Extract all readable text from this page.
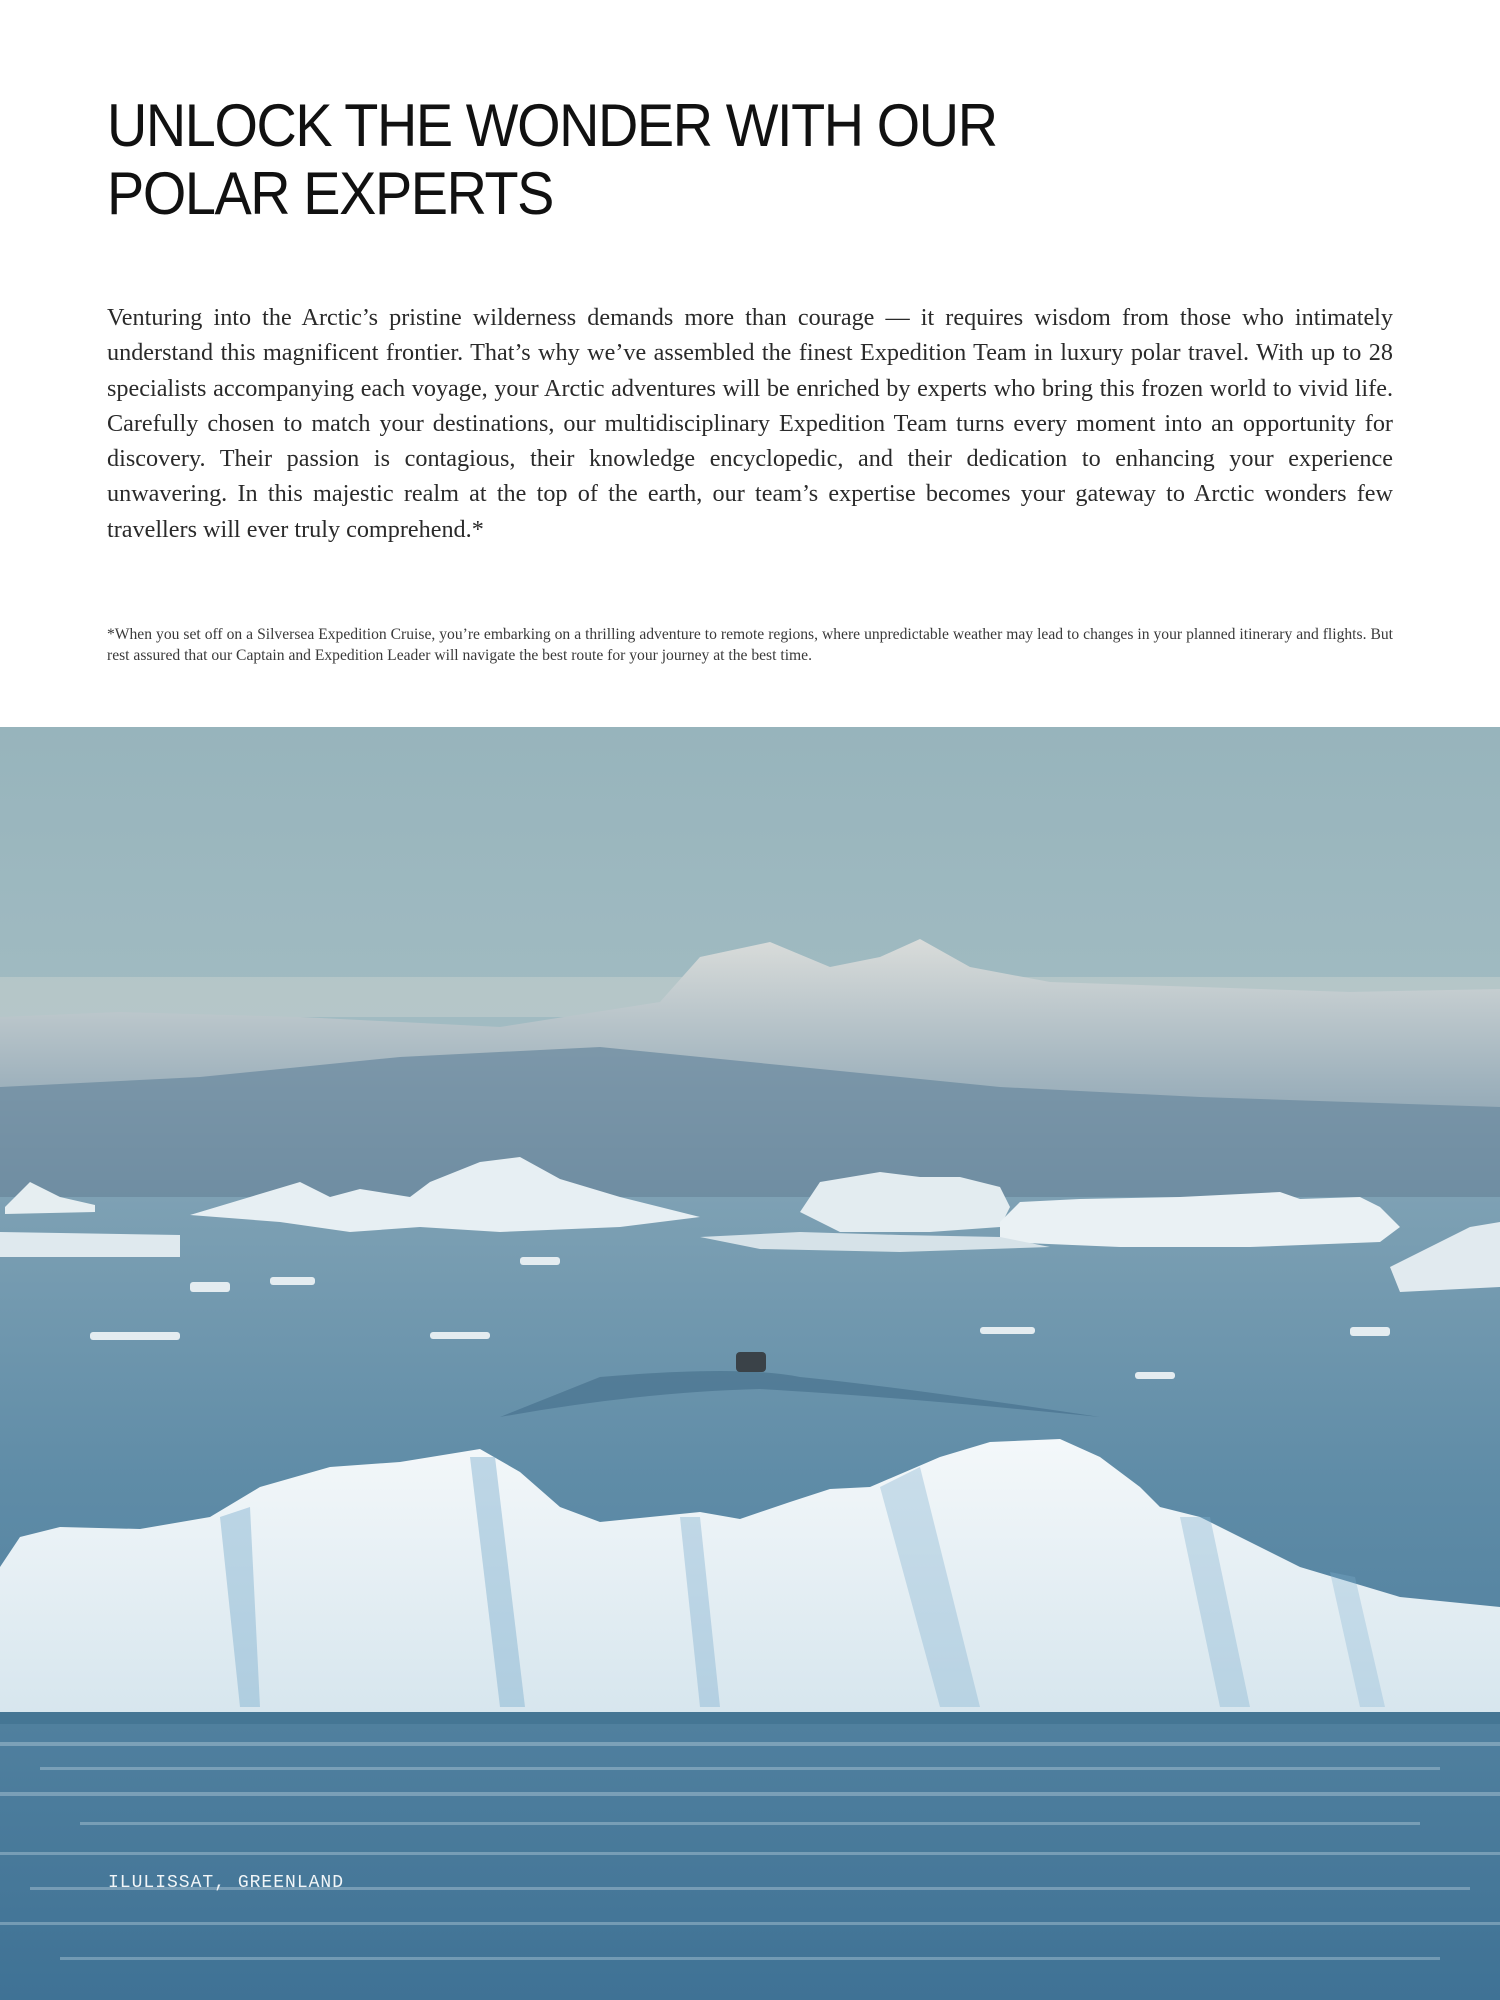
UNLOCK THE WONDER WITH OUR
POLAR EXPERTS

Venturing into the Arctic’s pristine wilderness demands more than courage — it requires wisdom from those who intimately understand this magnificent frontier. That’s why we’ve assembled the finest Expedition Team in luxury polar travel. With up to 28 specialists accompanying each voyage, your Arctic adventures will be enriched by experts who bring this frozen world to vivid life. Carefully chosen to match your destinations, our multidisciplinary Expedition Team turns every moment into an opportunity for discovery. Their passion is contagious, their knowledge encyclopedic, and their dedication to enhancing your experience unwavering. In this majestic realm at the top of the earth, our team’s expertise becomes your gateway to Arctic wonders few travellers will ever truly comprehend.*

*When you set off on a Silversea Expedition Cruise, you’re embarking on a thrilling adventure to remote regions, where unpredictable weather may lead to changes in your planned itinerary and flights. But rest assured that our Captain and Expedition Leader will navigate the best route for your journey at the best time.

ILULISSAT, GREENLAND
